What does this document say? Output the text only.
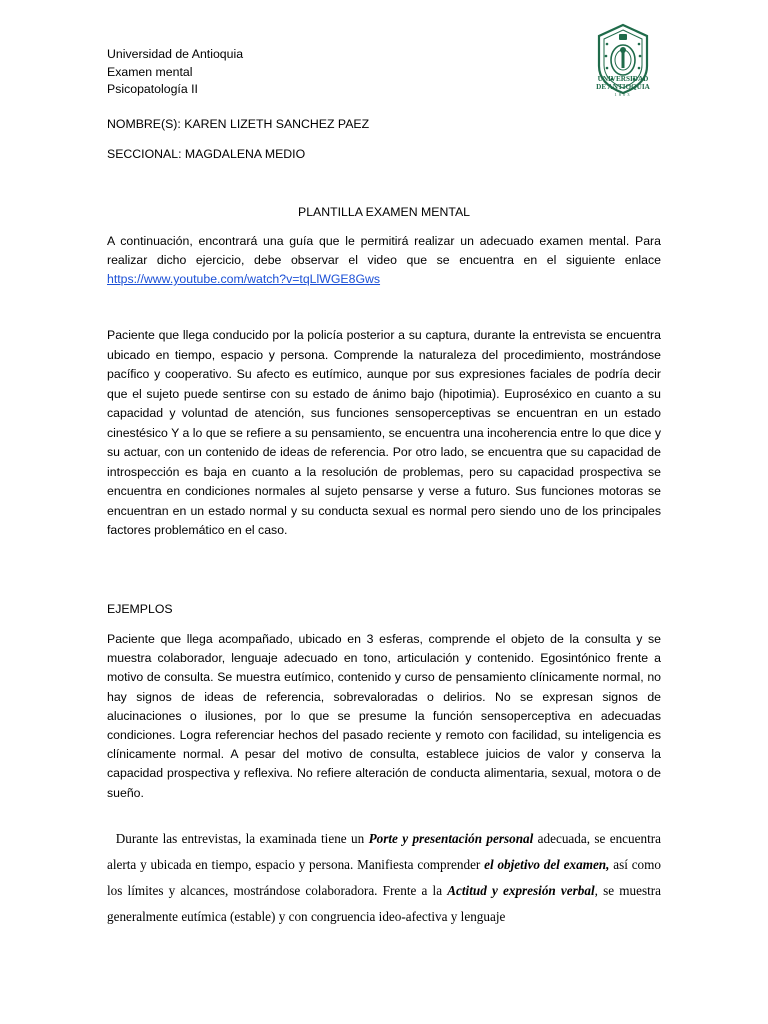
Universidad de Antioquia
Examen mental
Psicopatología II
NOMBRE(S): KAREN LIZETH SANCHEZ PAEZ
SECCIONAL: MAGDALENA MEDIO
UNIVERSIDAD
DE ANTIOQUIA
1803
PLANTILLA EXAMEN MENTAL
A continuación, encontrará una guía que le permitirá realizar un adecuado examen mental. Para realizar dicho ejercicio, debe observar el video que se encuentra en el siguiente enlace https://www.youtube.com/watch?v=tqLlWGE8Gws
Paciente que llega conducido por la policía posterior a su captura, durante la entrevista se encuentra ubicado en tiempo, espacio y persona. Comprende la naturaleza del procedimiento, mostrándose pacífico y cooperativo. Su afecto es eutímico, aunque por sus expresiones faciales de podría decir que el sujeto puede sentirse con su estado de ánimo bajo (hipotimia). Euproséxico en cuanto a su capacidad y voluntad de atención, sus funciones sensoperceptivas se encuentran en un estado cinestésico Y a lo que se refiere a su pensamiento, se encuentra una incoherencia entre lo que dice y su actuar, con un contenido de ideas de referencia. Por otro lado, se encuentra que su capacidad de introspección es baja en cuanto a la resolución de problemas, pero su capacidad prospectiva se encuentra en condiciones normales al sujeto pensarse y verse a futuro. Sus funciones motoras se encuentran en un estado normal y su conducta sexual es normal pero siendo uno de los principales factores problemático en el caso.
EJEMPLOS
Paciente que llega acompañado, ubicado en 3 esferas, comprende el objeto de la consulta y se muestra colaborador, lenguaje adecuado en tono, articulación y contenido. Egosintónico frente a motivo de consulta. Se muestra eutímico, contenido y curso de pensamiento clínicamente normal, no hay signos de ideas de referencia, sobrevaloradas o delirios. No se expresan signos de alucinaciones o ilusiones, por lo que se presume la función sensoperceptiva en adecuadas condiciones. Logra referenciar hechos del pasado reciente y remoto con facilidad, su inteligencia es clínicamente normal. A pesar del motivo de consulta, establece juicios de valor y conserva la capacidad prospectiva y reflexiva. No refiere alteración de conducta alimentaria, sexual, motora o de sueño.
Durante las entrevistas, la examinada tiene un Porte y presentación personal adecuada, se encuentra alerta y ubicada en tiempo, espacio y persona. Manifiesta comprender el objetivo del examen, así como los límites y alcances, mostrándose colaboradora. Frente a la Actitud y expresión verbal, se muestra generalmente eutímica (estable) y con congruencia ideo-afectiva y lenguaje
